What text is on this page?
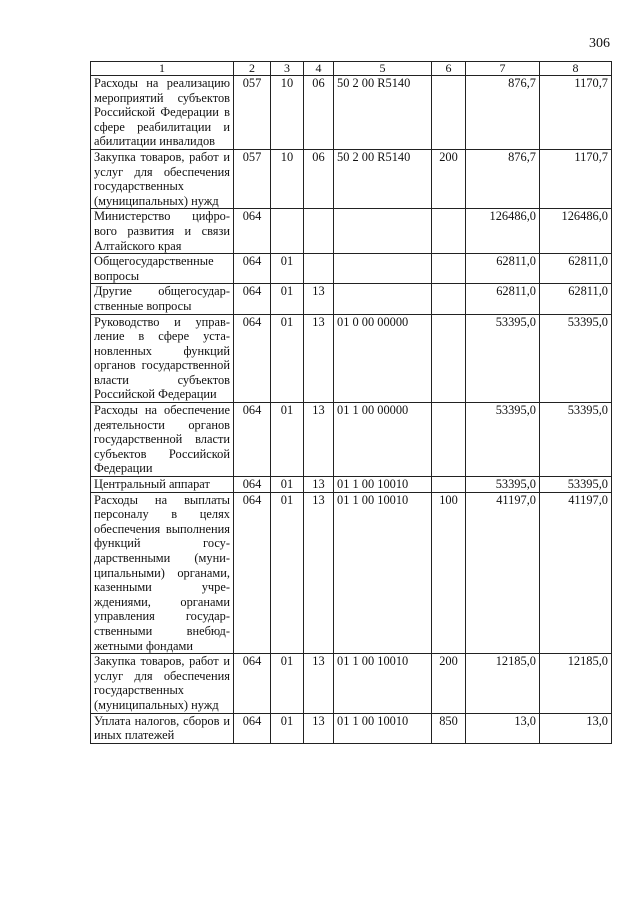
306
1	2	3	4	5	6	7	8
Расходы на реализацию мероприятий субъектов Российской Федерации в сфере реабилитации и абилитации инвалидов	057	10	06	50 2 00 R5140		876,7	1170,7
Закупка товаров, работ и услуг для обеспечения государственных (муниципальных) нужд	057	10	06	50 2 00 R5140	200	876,7	1170,7
Министерство цифрового развития и связи Алтайского края	064					126486,0	126486,0
Общегосударственные вопросы	064	01				62811,0	62811,0
Другие общегосударственные вопросы	064	01	13			62811,0	62811,0
Руководство и управление в сфере установленных функций органов государственной власти субъектов Российской Федерации	064	01	13	01 0 00 00000		53395,0	53395,0
Расходы на обеспечение деятельности органов государственной власти субъектов Российской Федерации	064	01	13	01 1 00 00000		53395,0	53395,0
Центральный аппарат	064	01	13	01 1 00 10010		53395,0	53395,0
Расходы на выплаты персоналу в целях обеспечения выполнения функций государственными (муниципальными) органами, казенными учреждениями, органами управления государственными внебюджетными фондами	064	01	13	01 1 00 10010	100	41197,0	41197,0
Закупка товаров, работ и услуг для обеспечения государственных (муниципальных) нужд	064	01	13	01 1 00 10010	200	12185,0	12185,0
Уплата налогов, сборов и иных платежей	064	01	13	01 1 00 10010	850	13,0	13,0
